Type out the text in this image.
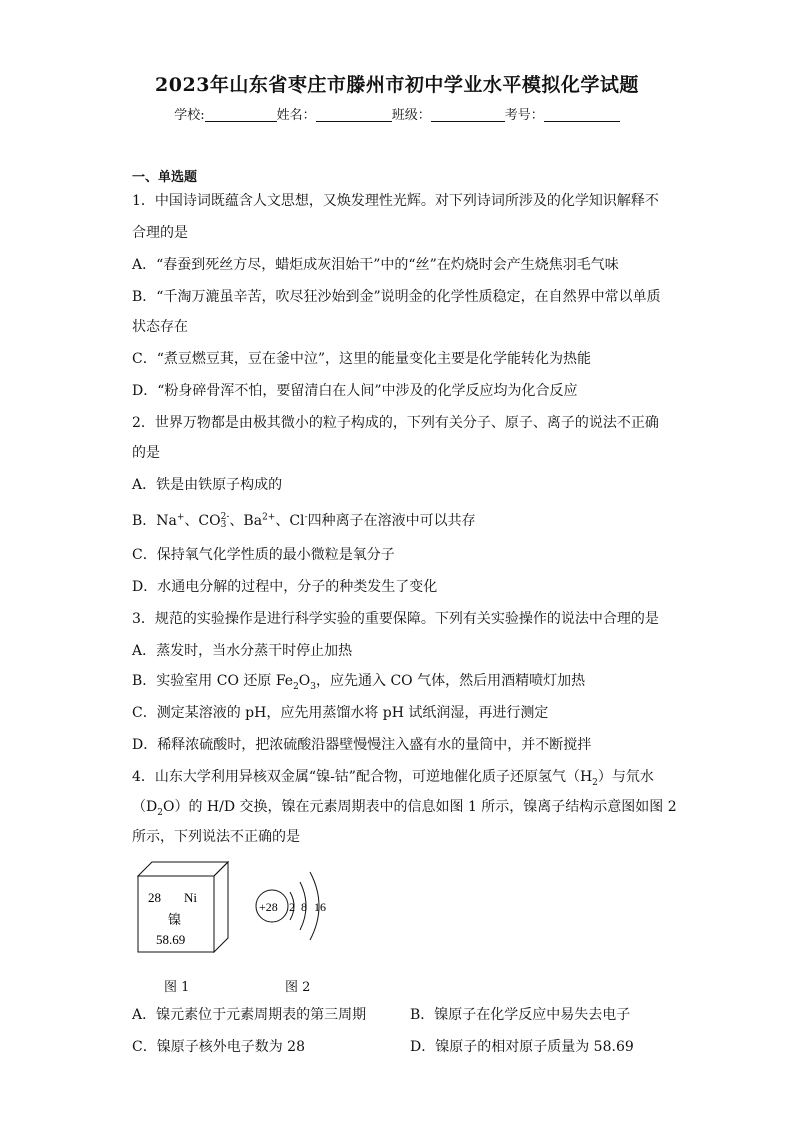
2023年山东省枣庄市滕州市初中学业水平模拟化学试题
学校:	姓名：	班级：	考号：
一、单选题
1．中国诗词既蕴含人文思想，又焕发理性光辉。对下列诗词所涉及的化学知识解释不
合理的是
A．“春蚕到死丝方尽，蜡炬成灰泪始干”中的“丝”在灼烧时会产生烧焦羽毛气味
B．“千淘万漉虽辛苦，吹尽狂沙始到金”说明金的化学性质稳定，在自然界中常以单质
状态存在
C．“煮豆燃豆萁，豆在釜中泣”，这里的能量变化主要是化学能转化为热能
D．“粉身碎骨浑不怕，要留清白在人间”中涉及的化学反应均为化合反应
2．世界万物都是由极其微小的粒子构成的，下列有关分子、原子、离子的说法不正确
的是
A．铁是由铁原子构成的
B．Na+、CO 2-
3 、$Ba^{2+}$、Cl-四种离子在溶液中可以共存
C．保持氧气化学性质的最小微粒是氧分子
D．水通电分解的过程中，分子的种类发生了变化
3．规范的实验操作是进行科学实验的重要保障。下列有关实验操作的说法中合理的是
A．蒸发时，当水分蒸干时停止加热
B．实验室用 CO 还原 $Fe_2O_3$，应先通入 CO 气体，然后用酒精喷灯加热
C．测定某溶液的 pH，应先用蒸馏水将 pH 试纸润湿，再进行测定
D．稀释浓硫酸时，把浓硫酸沿器壁慢慢注入盛有水的量筒中，并不断搅拌
4．山东大学利用异核双金属“镍-钴”配合物，可逆地催化质子还原氢气$(H_2)$与氘水
$(D_2O)$的 H/D 交换，镍在元素周期表中的信息如图 1 所示，镍离子结构示意图如图 2
所示，下列说法不正确的是
28 Ni
镍
58.69
+28 2 8 16
图 1	图 2
A．镍元素位于元素周期表的第三周期	B．镍原子在化学反应中易失去电子
C．镍原子核外电子数为 28	D．镍原子的相对原子质量为 58.69
